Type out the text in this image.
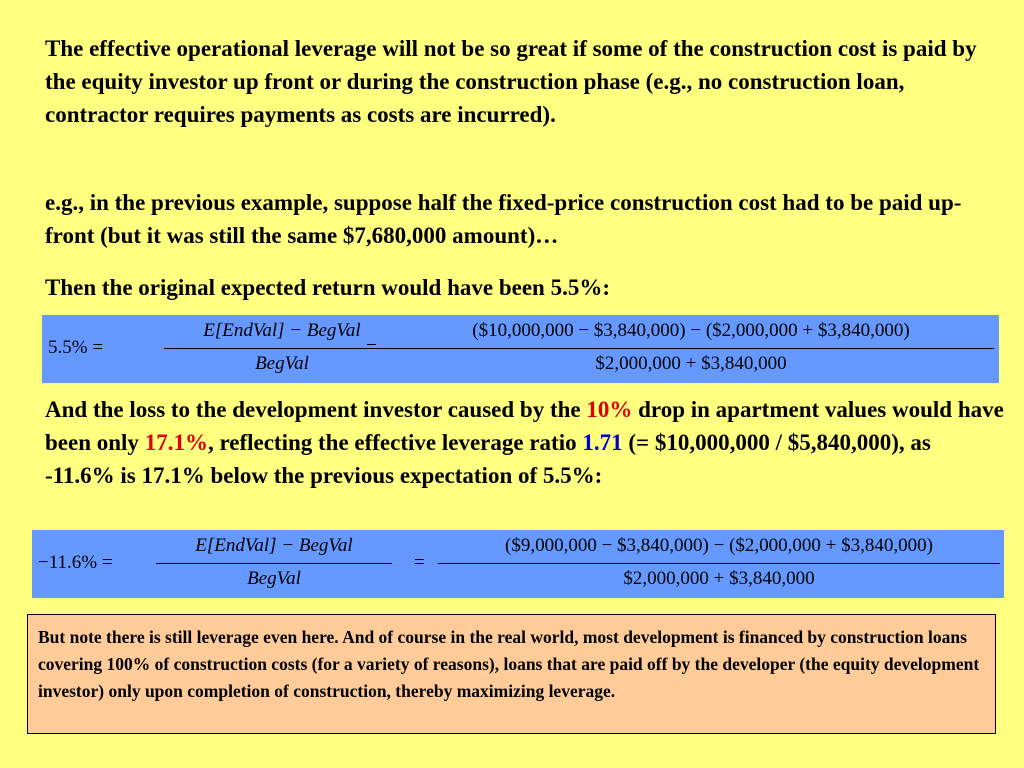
The effective operational leverage will not be so great if some of the construction cost is paid by the equity investor up front or during the construction phase (e.g., no construction loan, contractor requires payments as costs are incurred).

e.g., in the previous example, suppose half the fixed-price construction cost had to be paid up-front (but it was still the same $7,680,000 amount)…

Then the original expected return would have been 5.5%:

5.5% =
E[EndVal] − BegVal
BegVal
=
($10,000,000 − $3,840,000) − ($2,000,000 + $3,840,000)
$2,000,000 + $3,840,000

And the loss to the development investor caused by the 10% drop in apartment values would have been only 17.1%, reflecting the effective leverage ratio 1.71 (= $10,000,000 / $5,840,000), as -11.6% is 17.1% below the previous expectation of 5.5%:

−11.6% =
E[EndVal] − BegVal
BegVal
=
($9,000,000 − $3,840,000) − ($2,000,000 + $3,840,000)
$2,000,000 + $3,840,000
But note there is still leverage even here. And of course in the real world, most development is financed by construction loans covering 100% of construction costs (for a variety of reasons), loans that are paid off by the developer (the equity development investor) only upon completion of construction, thereby maximizing leverage.
